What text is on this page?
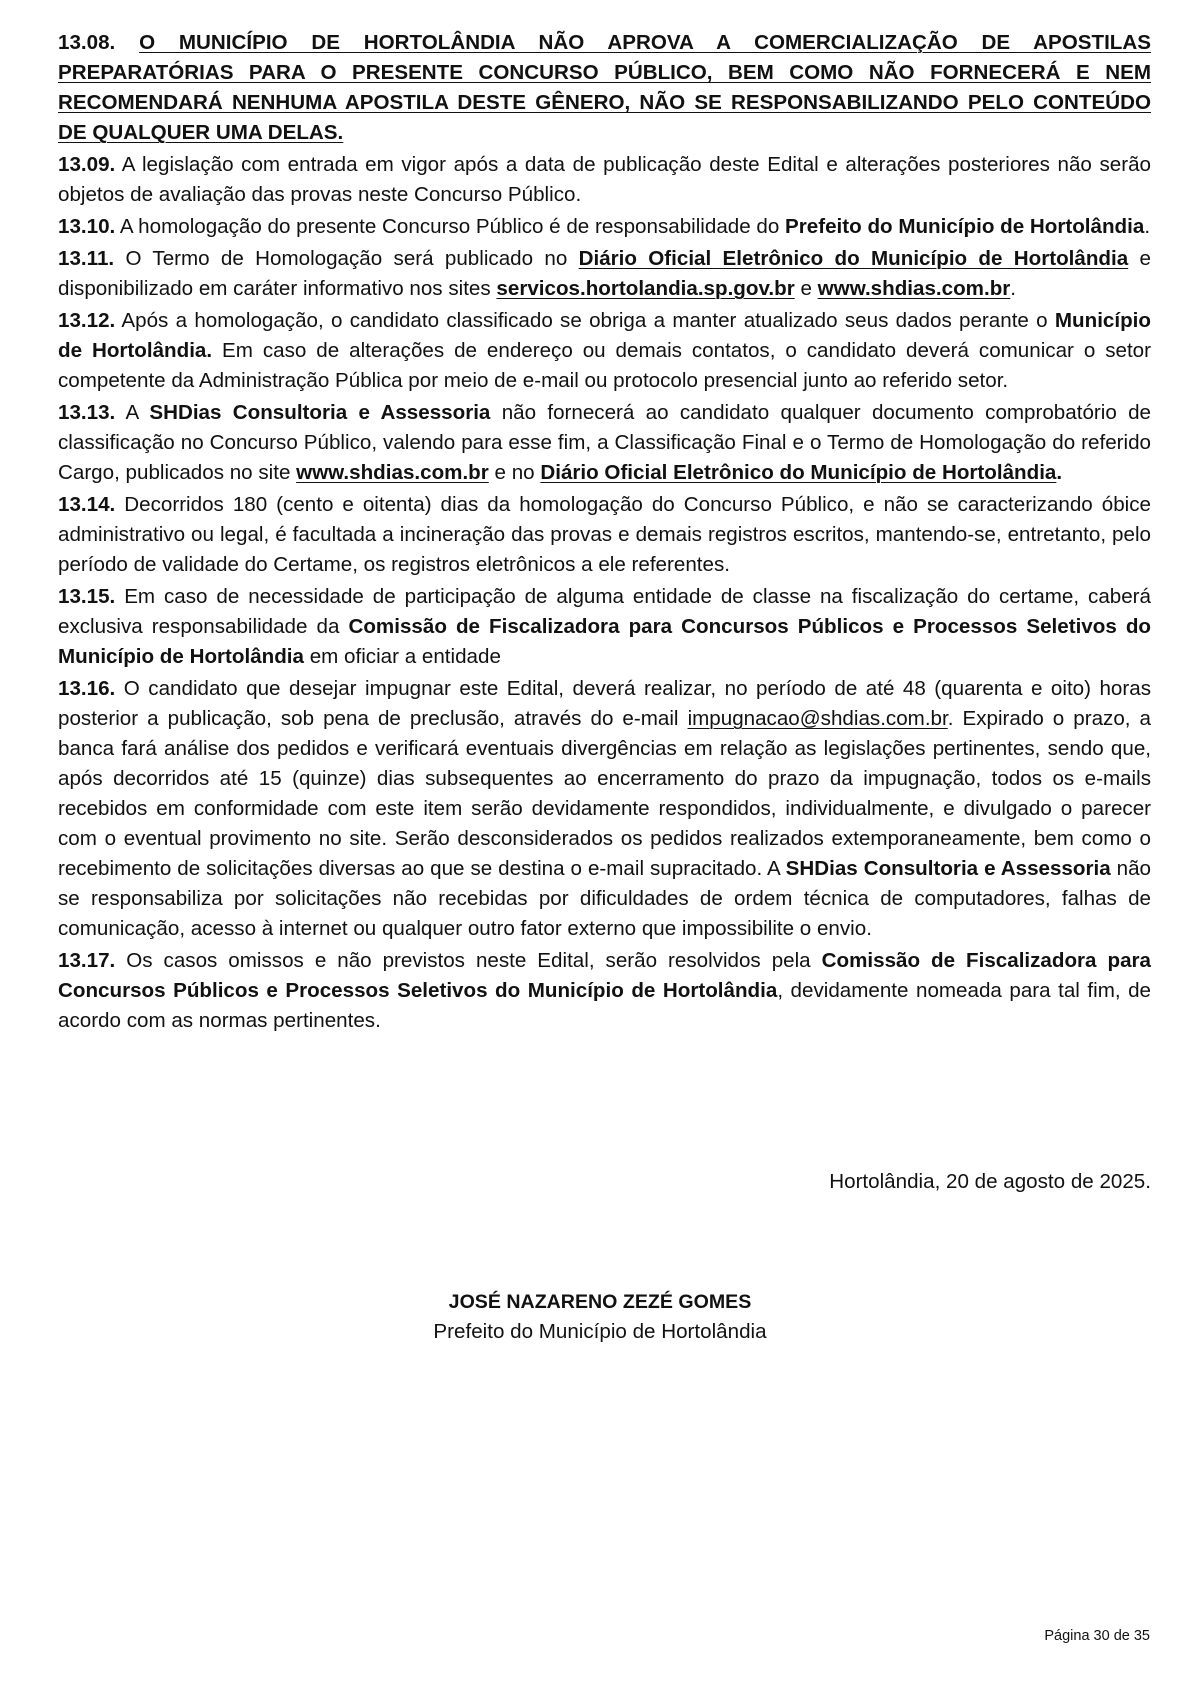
13.08. O MUNICÍPIO DE HORTOLÂNDIA NÃO APROVA A COMERCIALIZAÇÃO DE APOSTILAS PREPARATÓRIAS PARA O PRESENTE CONCURSO PÚBLICO, BEM COMO NÃO FORNECERÁ E NEM RECOMENDARÁ NENHUMA APOSTILA DESTE GÊNERO, NÃO SE RESPONSABILIZANDO PELO CONTEÚDO DE QUALQUER UMA DELAS.

13.09. A legislação com entrada em vigor após a data de publicação deste Edital e alterações posteriores não serão objetos de avaliação das provas neste Concurso Público.

13.10. A homologação do presente Concurso Público é de responsabilidade do Prefeito do Município de Hortolândia.

13.11. O Termo de Homologação será publicado no Diário Oficial Eletrônico do Município de Hortolândia e disponibilizado em caráter informativo nos sites servicos.hortolandia.sp.gov.br e www.shdias.com.br.

13.12. Após a homologação, o candidato classificado se obriga a manter atualizado seus dados perante o Município de Hortolândia. Em caso de alterações de endereço ou demais contatos, o candidato deverá comunicar o setor competente da Administração Pública por meio de e-mail ou protocolo presencial junto ao referido setor.

13.13. A SHDias Consultoria e Assessoria não fornecerá ao candidato qualquer documento comprobatório de classificação no Concurso Público, valendo para esse fim, a Classificação Final e o Termo de Homologação do referido Cargo, publicados no site www.shdias.com.br e no Diário Oficial Eletrônico do Município de Hortolândia.

13.14. Decorridos 180 (cento e oitenta) dias da homologação do Concurso Público, e não se caracterizando óbice administrativo ou legal, é facultada a incineração das provas e demais registros escritos, mantendo-se, entretanto, pelo período de validade do Certame, os registros eletrônicos a ele referentes.

13.15. Em caso de necessidade de participação de alguma entidade de classe na fiscalização do certame, caberá exclusiva responsabilidade da Comissão de Fiscalizadora para Concursos Públicos e Processos Seletivos do Município de Hortolândia em oficiar a entidade

13.16. O candidato que desejar impugnar este Edital, deverá realizar, no período de até 48 (quarenta e oito) horas posterior a publicação, sob pena de preclusão, através do e-mail impugnacao@shdias.com.br. Expirado o prazo, a banca fará análise dos pedidos e verificará eventuais divergências em relação as legislações pertinentes, sendo que, após decorridos até 15 (quinze) dias subsequentes ao encerramento do prazo da impugnação, todos os e-mails recebidos em conformidade com este item serão devidamente respondidos, individualmente, e divulgado o parecer com o eventual provimento no site. Serão desconsiderados os pedidos realizados extemporaneamente, bem como o recebimento de solicitações diversas ao que se destina o e-mail supracitado. A SHDias Consultoria e Assessoria não se responsabiliza por solicitações não recebidas por dificuldades de ordem técnica de computadores, falhas de comunicação, acesso à internet ou qualquer outro fator externo que impossibilite o envio.

13.17. Os casos omissos e não previstos neste Edital, serão resolvidos pela Comissão de Fiscalizadora para Concursos Públicos e Processos Seletivos do Município de Hortolândia, devidamente nomeada para tal fim, de acordo com as normas pertinentes.

Hortolândia, 20 de agosto de 2025.
JOSÉ NAZARENO ZEZÉ GOMES
Prefeito do Município de Hortolândia
Página 30 de 35
